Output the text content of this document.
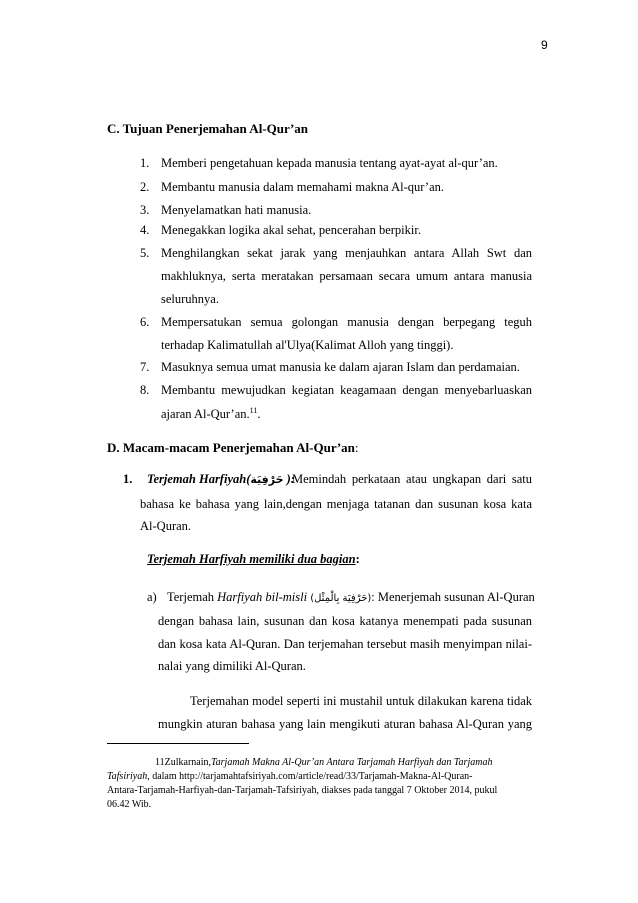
9
C. Tujuan Penerjemahan Al-Qur’an
1. Memberi pengetahuan kepada manusia tentang ayat-ayat al-qur’an.
2. Membantu manusia dalam memahami makna Al-qur’an.
3. Menyelamatkan hati manusia.
4. Menegakkan logika akal sehat, pencerahan berpikir.
5. Menghilangkan sekat jarak yang menjauhkan antara Allah Swt dan
makhluknya, serta meratakan persamaan secara umum antara manusia
seluruhnya.
6. Mempersatukan semua golongan manusia dengan berpegang teguh
terhadap Kalimatullah al'Ulya(Kalimat Alloh yang tinggi).
7. Masuknya semua umat manusia ke dalam ajaran Islam dan perdamaian.
8. Membantu mewujudkan kegiatan keagamaan dengan menyebarluaskan
ajaran Al-Qur’an.$^{11}$.
D. Macam-macam Penerjemahan Al-Qur’an:
1. Terjemah Harfiyah(حَرْفِيَة ):
Memindah perkataan atau ungkapan dari satu
bahasa ke bahasa yang lain,dengan menjaga tatanan dan susunan kosa kata
Al-Quran.
Terjemah Harfiyah memiliki dua bagian:
a) Terjemah Harfiyah bil-misli (حَرْفِيَة بِالْمِثْل): Menerjemah susunan Al-Quran
dengan bahasa lain, susunan dan kosa katanya menempati pada susunan
dan kosa kata Al-Quran. Dan terjemahan tersebut masih menyimpan nilai-
nalai yang dimiliki Al-Quran.
Terjemahan model seperti ini mustahil untuk dilakukan karena tidak
mungkin aturan bahasa yang lain mengikuti aturan bahasa Al-Quran yang
11Zulkarnain,Tarjamah Makna Al-Qur’an Antara Tarjamah Harfiyah dan Tarjamah
Tafsiriyah, dalam http://tarjamahtafsiriyah.com/article/read/33/Tarjamah-Makna-Al-Quran-
Antara-Tarjamah-Harfiyah-dan-Tarjamah-Tafsiriyah, diakses pada tanggal 7 Oktober 2014, pukul
06.42 Wib.
